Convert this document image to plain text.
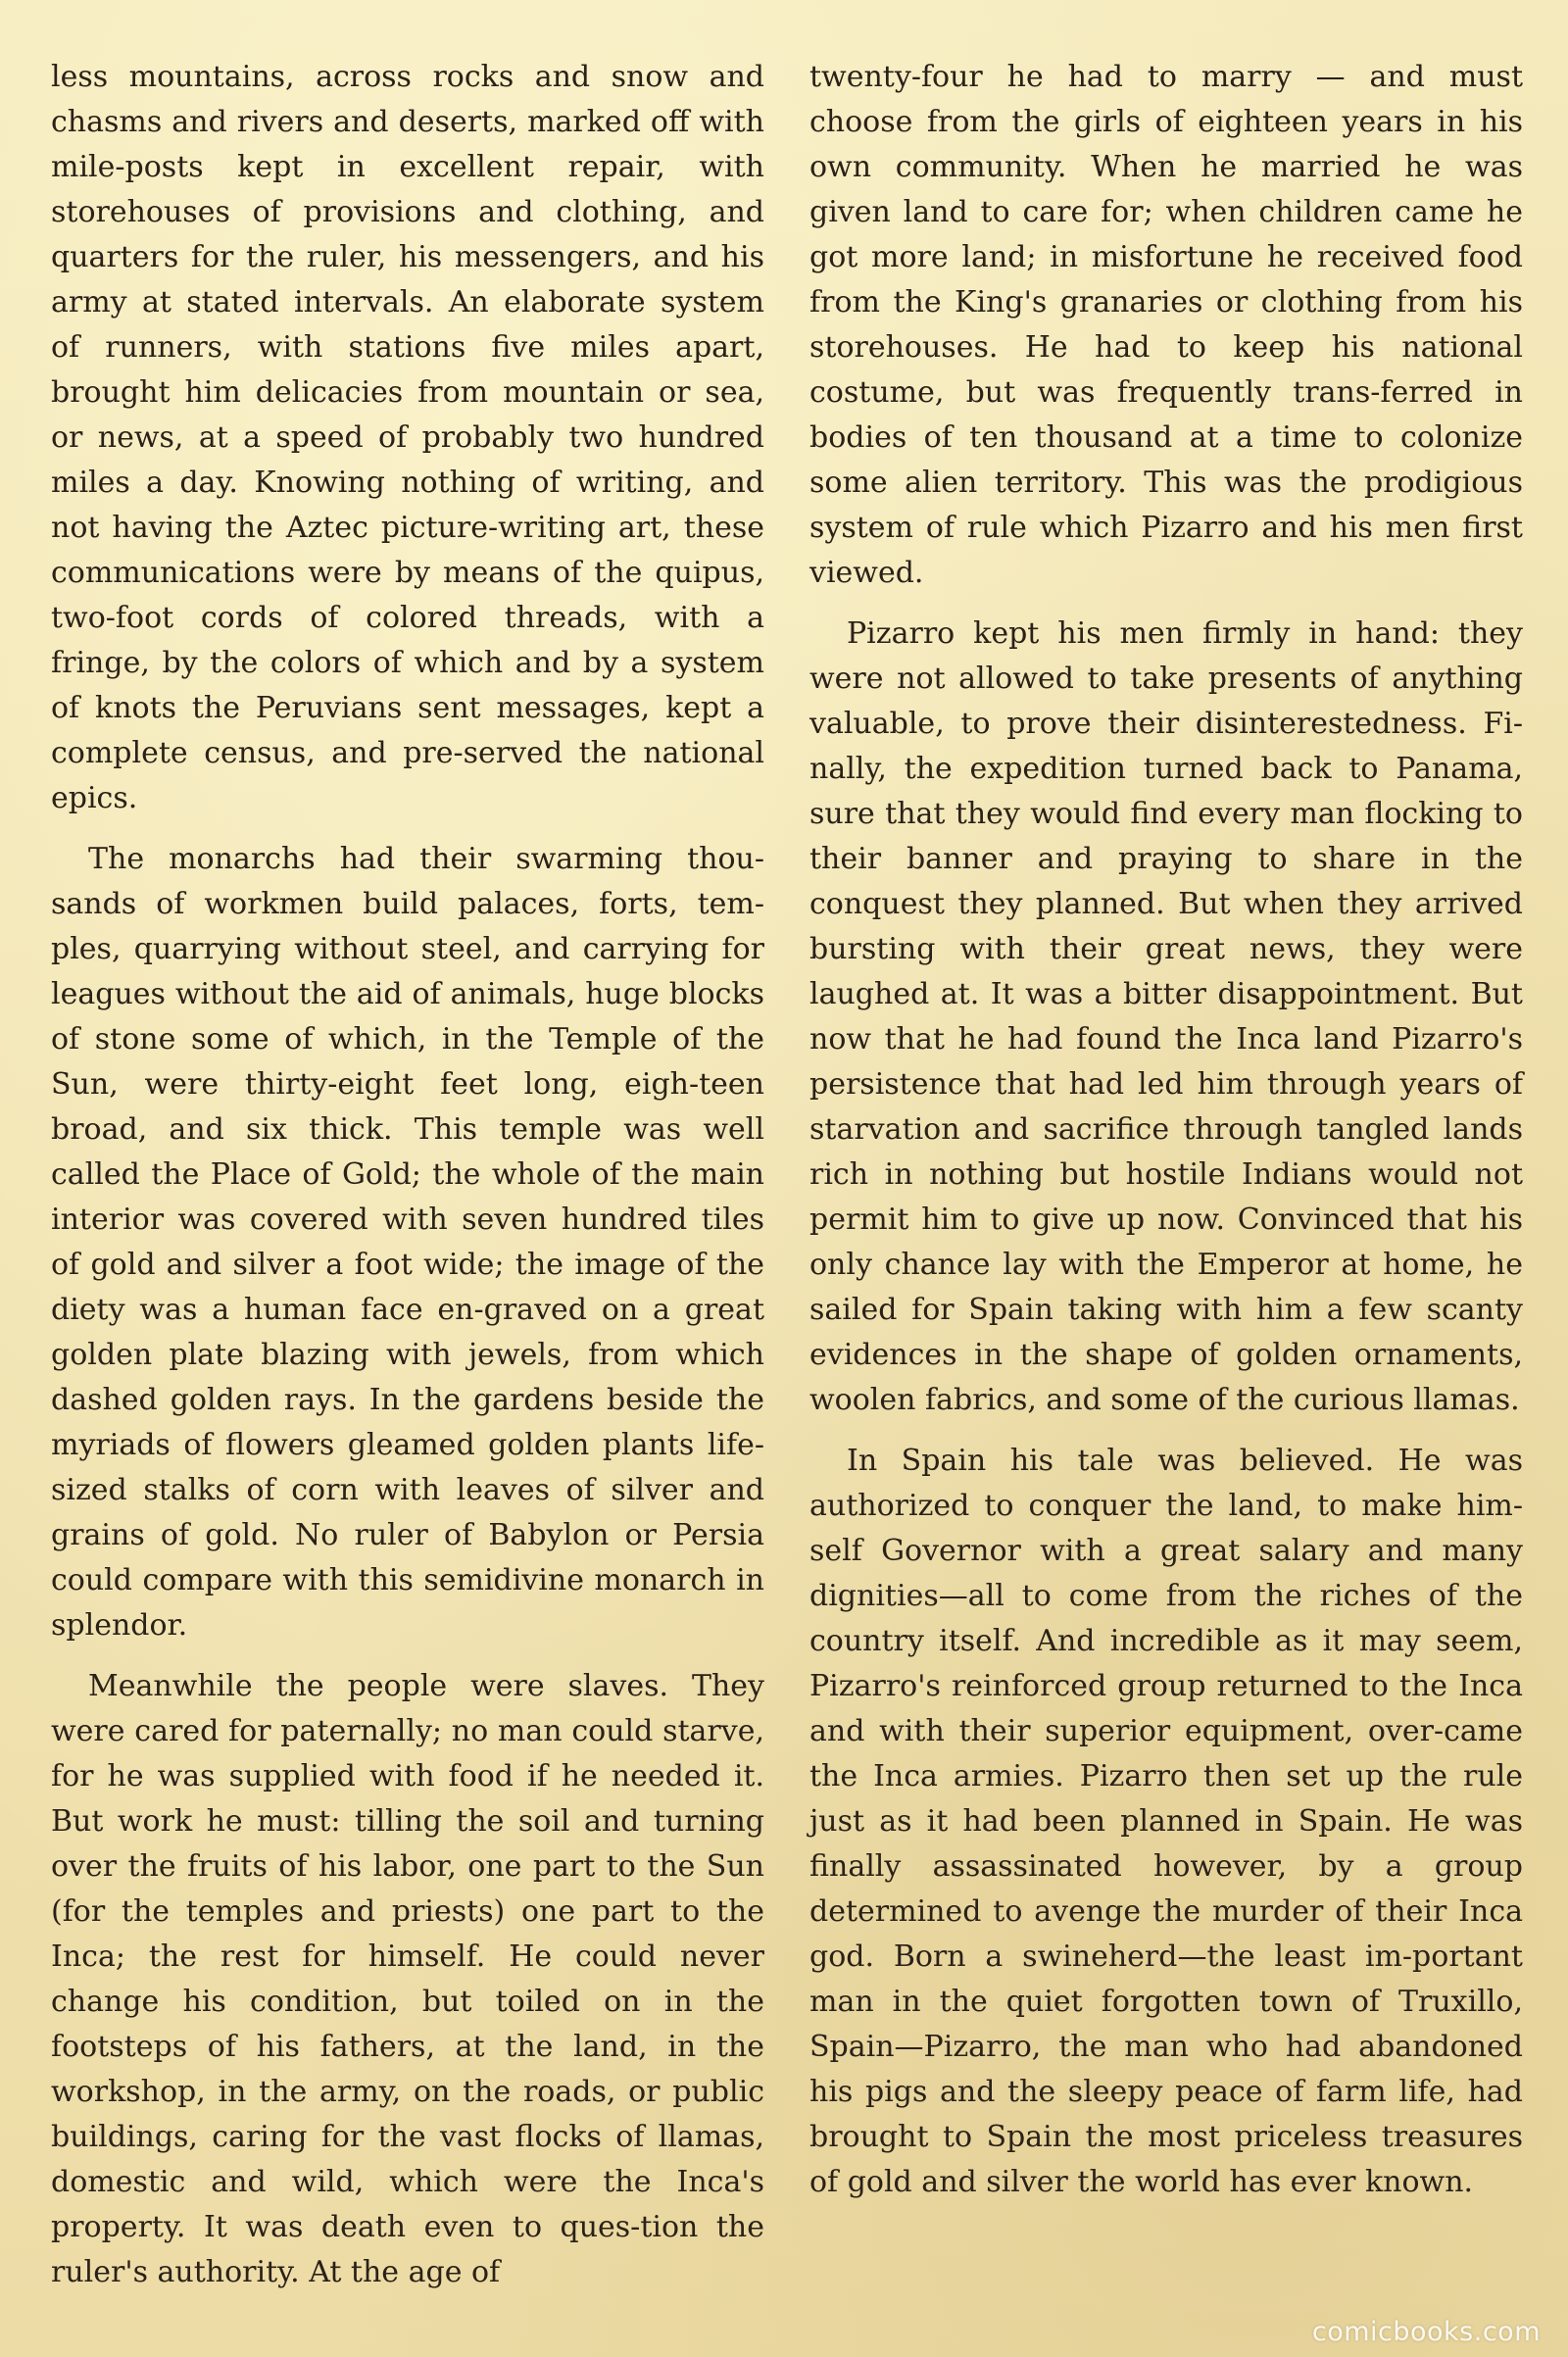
less mountains, across rocks and snow and chasms and rivers and deserts, marked off with mile-posts kept in excellent repair, with storehouses of provisions and clothing, and quarters for the ruler, his messengers, and his army at stated intervals. An elaborate system of runners, with stations five miles apart, brought him delicacies from mountain or sea, or news, at a speed of probably two hundred miles a day. Knowing nothing of writing, and not having the Aztec picture-writing art, these communications were by means of the quipus, two-foot cords of colored threads, with a fringe, by the colors of which and by a system of knots the Peruvians sent messages, kept a complete census, and pre-served the national epics.

The monarchs had their swarming thou-sands of workmen build palaces, forts, tem-ples, quarrying without steel, and carrying for leagues without the aid of animals, huge blocks of stone some of which, in the Temple of the Sun, were thirty-eight feet long, eigh-teen broad, and six thick. This temple was well called the Place of Gold; the whole of the main interior was covered with seven hundred tiles of gold and silver a foot wide; the image of the diety was a human face en-graved on a great golden plate blazing with jewels, from which dashed golden rays. In the gardens beside the myriads of flowers gleamed golden plants life-sized stalks of corn with leaves of silver and grains of gold. No ruler of Babylon or Persia could compare with this semidivine monarch in splendor.

Meanwhile the people were slaves. They were cared for paternally; no man could starve, for he was supplied with food if he needed it. But work he must: tilling the soil and turning over the fruits of his labor, one part to the Sun (for the temples and priests) one part to the Inca; the rest for himself. He could never change his condition, but toiled on in the footsteps of his fathers, at the land, in the workshop, in the army, on the roads, or public buildings, caring for the vast flocks of llamas, domestic and wild, which were the Inca's property. It was death even to ques-tion the ruler's authority. At the age of

twenty-four he had to marry — and must choose from the girls of eighteen years in his own community. When he married he was given land to care for; when children came he got more land; in misfortune he received food from the King's granaries or clothing from his storehouses. He had to keep his national costume, but was frequently trans-ferred in bodies of ten thousand at a time to colonize some alien territory. This was the prodigious system of rule which Pizarro and his men first viewed.

Pizarro kept his men firmly in hand: they were not allowed to take presents of anything valuable, to prove their disinterestedness. Fi-nally, the expedition turned back to Panama, sure that they would find every man flocking to their banner and praying to share in the conquest they planned. But when they arrived bursting with their great news, they were laughed at. It was a bitter disappointment. But now that he had found the Inca land Pizarro's persistence that had led him through years of starvation and sacrifice through tangled lands rich in nothing but hostile Indians would not permit him to give up now. Convinced that his only chance lay with the Emperor at home, he sailed for Spain taking with him a few scanty evidences in the shape of golden ornaments, woolen fabrics, and some of the curious llamas.

In Spain his tale was believed. He was authorized to conquer the land, to make him-self Governor with a great salary and many dignities—all to come from the riches of the country itself. And incredible as it may seem, Pizarro's reinforced group returned to the Inca and with their superior equipment, over-came the Inca armies. Pizarro then set up the rule just as it had been planned in Spain. He was finally assassinated however, by a group determined to avenge the murder of their Inca god. Born a swineherd—the least im-portant man in the quiet forgotten town of Truxillo, Spain—Pizarro, the man who had abandoned his pigs and the sleepy peace of farm life, had brought to Spain the most priceless treasures of gold and silver the world has ever known.

comicbooks.com
